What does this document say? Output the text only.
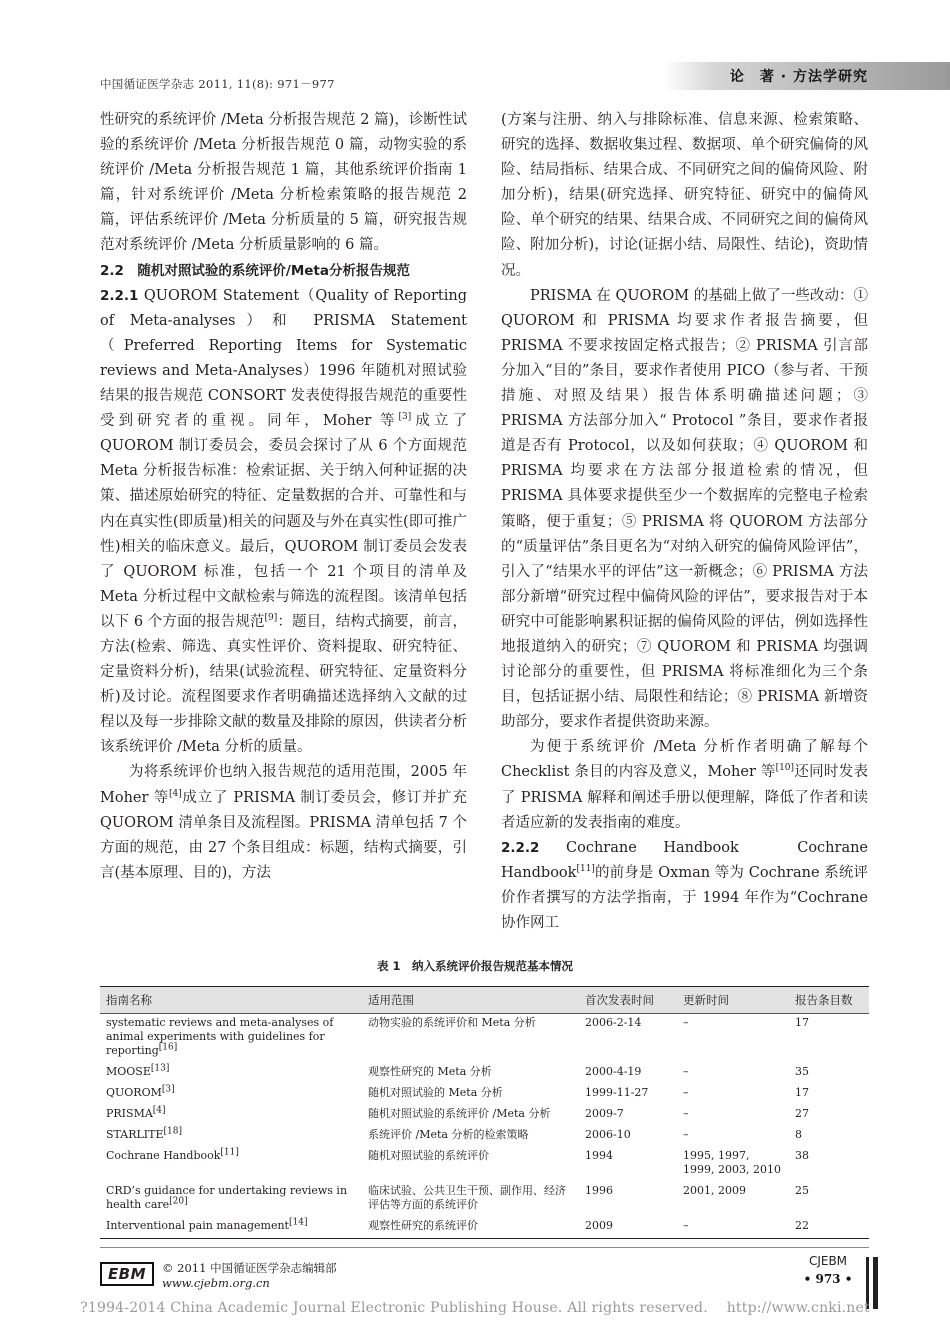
中国循证医学杂志 2011, 11(8): 971－977	论　著 · 方法学研究

性研究的系统评价 /Meta 分析报告规范 2 篇)，诊断性试验的系统评价 /Meta 分析报告规范 0 篇，动物实验的系统评价 /Meta 分析报告规范 1 篇，其他系统评价指南 1 篇，针对系统评价 /Meta 分析检索策略的报告规范 2 篇，评估系统评价 /Meta 分析质量的 5 篇，研究报告规范对系统评价 /Meta 分析质量影响的 6 篇。

2.2　随机对照试验的系统评价/Meta分析报告规范

2.2.1 QUOROM Statement（Quality of Reporting of Meta-analyses）和 PRISMA Statement（Preferred Reporting Items for Systematic reviews and Meta-Analyses）1996 年随机对照试验结果的报告规范 CONSORT 发表使得报告规范的重要性受到研究者的重视。同年，Moher 等[3]成立了 QUOROM 制订委员会，委员会探讨了从 6 个方面规范 Meta 分析报告标准：检索证据、关于纳入何种证据的决策、描述原始研究的特征、定量数据的合并、可靠性和与内在真实性(即质量)相关的问题及与外在真实性(即可推广性)相关的临床意义。最后，QUOROM 制订委员会发表了 QUOROM 标准，包括一个 21 个项目的清单及 Meta 分析过程中文献检索与筛选的流程图。该清单包括以下 6 个方面的报告规范[9]：题目，结构式摘要，前言，方法(检索、筛选、真实性评价、资料提取、研究特征、定量资料分析)，结果(试验流程、研究特征、定量资料分析)及讨论。流程图要求作者明确描述选择纳入文献的过程以及每一步排除文献的数量及排除的原因，供读者分析该系统评价 /Meta 分析的质量。

为将系统评价也纳入报告规范的适用范围，2005 年 Moher 等[4]成立了 PRISMA 制订委员会，修订并扩充 QUOROM 清单条目及流程图。PRISMA 清单包括 7 个方面的规范，由 27 个条目组成：标题，结构式摘要，引言(基本原理、目的)，方法

(方案与注册、纳入与排除标准、信息来源、检索策略、研究的选择、数据收集过程、数据项、单个研究偏倚的风险、结局指标、结果合成、不同研究之间的偏倚风险、附加分析)，结果(研究选择、研究特征、研究中的偏倚风险、单个研究的结果、结果合成、不同研究之间的偏倚风险、附加分析)，讨论(证据小结、局限性、结论)，资助情况。

PRISMA 在 QUOROM 的基础上做了一些改动：① QUOROM 和 PRISMA 均要求作者报告摘要，但 PRISMA 不要求按固定格式报告；② PRISMA 引言部分加入“目的”条目，要求作者使用 PICO（参与者、干预措施、对照及结果）报告体系明确描述问题；③ PRISMA 方法部分加入“ Protocol ”条目，要求作者报道是否有 Protocol，以及如何获取；④ QUOROM 和 PRISMA 均要求在方法部分报道检索的情况，但 PRISMA 具体要求提供至少一个数据库的完整电子检索策略，便于重复；⑤ PRISMA 将 QUOROM 方法部分的“质量评估”条目更名为“对纳入研究的偏倚风险评估”，引入了“结果水平的评估”这一新概念；⑥ PRISMA 方法部分新增“研究过程中偏倚风险的评估”，要求报告对于本研究中可能影响累积证据的偏倚风险的评估，例如选择性地报道纳入的研究；⑦ QUOROM 和 PRISMA 均强调讨论部分的重要性，但 PRISMA 将标准细化为三个条目，包括证据小结、局限性和结论；⑧ PRISMA 新增资助部分，要求作者提供资助来源。

为便于系统评价 /Meta 分析作者明确了解每个 Checklist 条目的内容及意义，Moher 等[10]还同时发表了 PRISMA 解释和阐述手册以便理解，降低了作者和读者适应新的发表指南的难度。

2.2.2 Cochrane Handbook　Cochrane Handbook[11]的前身是 Oxman 等为 Cochrane 系统评价作者撰写的方法学指南，于 1994 年作为“Cochrane 协作网工

表 1　纳入系统评价报告规范基本情况
指南名称	适用范围	首次发表时间	更新时间	报告条目数
systematic reviews and meta-analyses of animal experiments with guidelines for reporting[16]	动物实验的系统评价和 Meta 分析	2006-2-14	–	17
MOOSE[13]	观察性研究的 Meta 分析	2000-4-19	–	35
QUOROM[3]	随机对照试验的 Meta 分析	1999-11-27	–	17
PRISMA[4]	随机对照试验的系统评价 /Meta 分析	2009-7	–	27
STARLITE[18]	系统评价 /Meta 分析的检索策略	2006-10	–	8
Cochrane Handbook[11]	随机对照试验的系统评价	1994	1995, 1997, 1999, 2003, 2010	38
CRD’s guidance for undertaking reviews in health care[20]	临床试验、公共卫生干预、副作用、经济评估等方面的系统评价	1996	2001, 2009	25
Interventional pain management[14]	观察性研究的系统评价	2009	–	22
EBM	© 2011 中国循证医学杂志编辑部
www.cjebm.org.cn
CJEBM
• 973 •
?1994-2014 China Academic Journal Electronic Publishing House. All rights reserved.　 http://www.cnki.net
